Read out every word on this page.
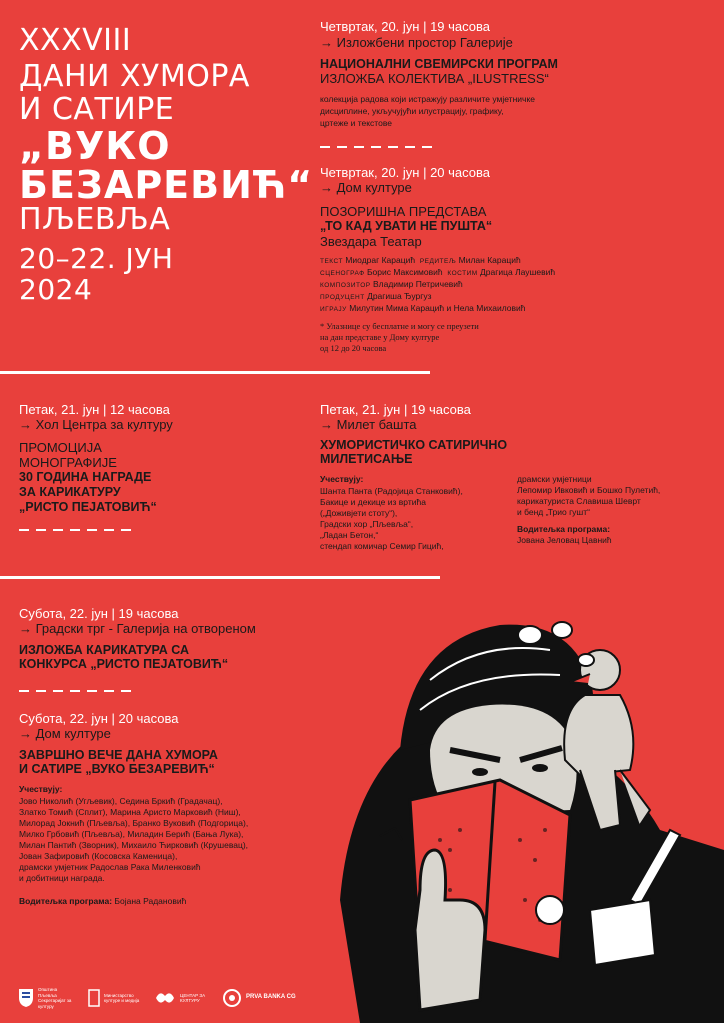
XXXVIII
ДАНИ ХУМОРА
И САТИРЕ
„ВУКО
БЕЗАРЕВИЋ“
ПЉЕВЉА
20–22. ЈУН
2024
Четвртак, 20. јун | 19 часова
→ Изложбени простор Галерије
НАЦИОНАЛНИ СВЕМИРСКИ ПРОГРАМ
ИЗЛОЖБА КОЛЕКТИВА „ILUSTRESS“
колекција радова који истражују различите умјетничке
дисциплине, укључујући илустрацију, графику,
цртеже и текстове
Четвртак, 20. јун | 20 часова
→ Дом културе
ПОЗОРИШНА ПРЕДСТАВА
„ТО КАД УВАТИ НЕ ПУШТА“
Звездара Театар
ТЕКСТ Миодраг Карацић РЕДИТЕЉ Милан Карацић
СЦЕНОГРАФ Борис Максимовић КОСТИМ Драгица Лаушевић
КОМПОЗИТОР Владимир Петричевић
ПРОДУЦЕНТ Драгиша Ђургуз
ИГРАЈУ Милутин Мима Карацић и Нела Михаиловић
* Улазнице су бесплатне и могу се преузети
на дан представе у Дому културе
од 12 до 20 часова
Петак, 21. јун | 12 часова
→ Хол Центра за културу
ПРОМОЦИЈА
МОНОГРАФИЈЕ
30 ГОДИНА НАГРАДЕ
ЗА КАРИКАТУРУ
„РИСТО ПЕЈАТОВИЋ“
Петак, 21. јун | 19 часова
→ Милет башта
ХУМОРИСТИЧКО САТИРИЧНО
МИЛЕТИСАЊЕ
Учествују:
Шанта Панта (Радојица Станковић),
Бакице и декице из вртића
(„Доживјети стоту“),
Градски хор „Пљевља“,
„Ладан Бетон,“
стендап комичар Семир Гицић,
драмски умјетници
Лепомир Ивковић и Бошко Пулетић,
карикатуриста Славиша Шеврт
и бенд „Трио гушт“
Водитељка програма:
Јована Јеловац Цавнић
Субота, 22. јун | 19 часова
→ Градски трг - Галерија на отвореном
ИЗЛОЖБА КАРИКАТУРА СА
КОНКУРСА „РИСТО ПЕЈАТОВИЋ“
Субота, 22. јун | 20 часова
→ Дом културе
ЗАВРШНО ВЕЧЕ ДАНА ХУМОРА
И САТИРЕ „ВУКО БЕЗАРЕВИЋ“
Учествују:
Јово Николић (Угљевик), Седина Бркић (Градачац),
Златко Томић (Сплит), Марина Аристо Марковић (Ниш),
Милорад Јокнић (Пљевља), Бранко Вуковић (Подгорица),
Милко Грбовић (Пљевља), Миладин Берић (Бања Лука),
Милан Пантић (Зворник), Михаило Ћирковић (Крушевац),
Јован Зафировић (Косовска Каменица),
драмски умјетник Радослав Рака Миленковић
и добитници награда.
Водитељка програма: Бојана Радановић
Општина Пљевља
Секретаријат за културу
Министарство културе и медија
ЦЕНТАР ЗА КУЛТУРУ
PRVA BANKA CG
